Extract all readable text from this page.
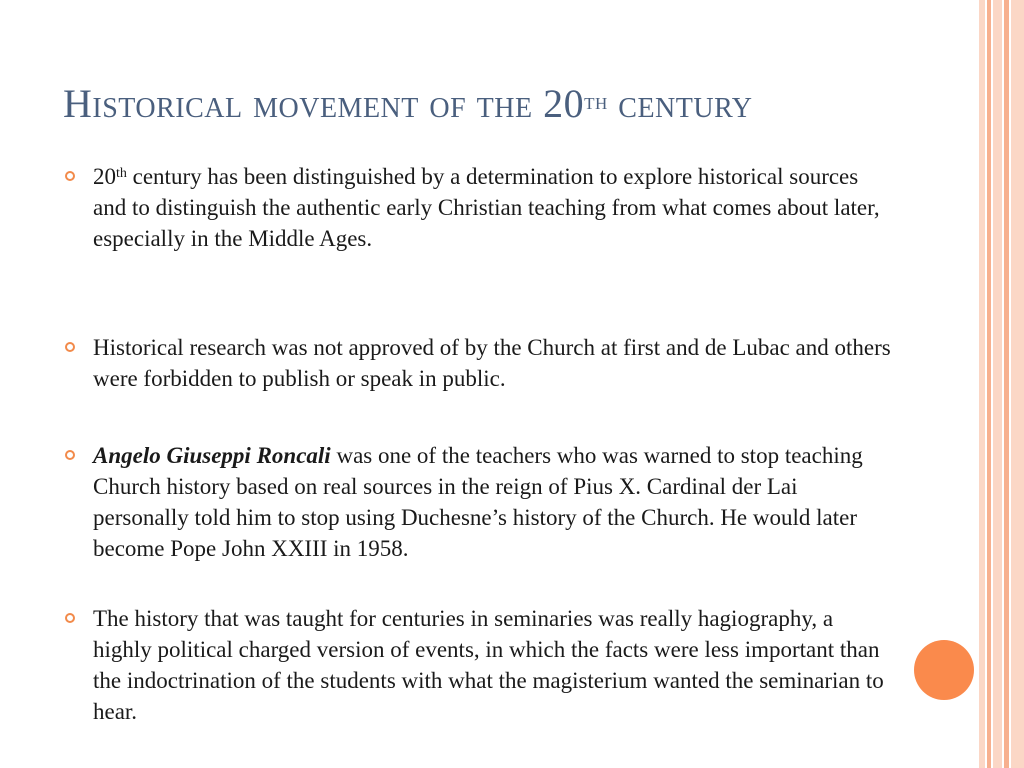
Historical movement of the 20th century

20th century has been distinguished by a determination to explore historical sources and to distinguish the authentic early Christian teaching from what comes about later, especially in the Middle Ages.

Historical research was not approved of by the Church at first and de Lubac and others were forbidden to publish or speak in public.

Angelo Giuseppi Roncali was one of the teachers who was warned to stop teaching Church history based on real sources in the reign of Pius X. Cardinal der Lai personally told him to stop using Duchesne’s history of the Church. He would later become Pope John XXIII in 1958.

The history that was taught for centuries in seminaries was really hagiography, a highly political charged version of events, in which the facts were less important than the indoctrination of the students with what the magisterium wanted the seminarian to hear.
